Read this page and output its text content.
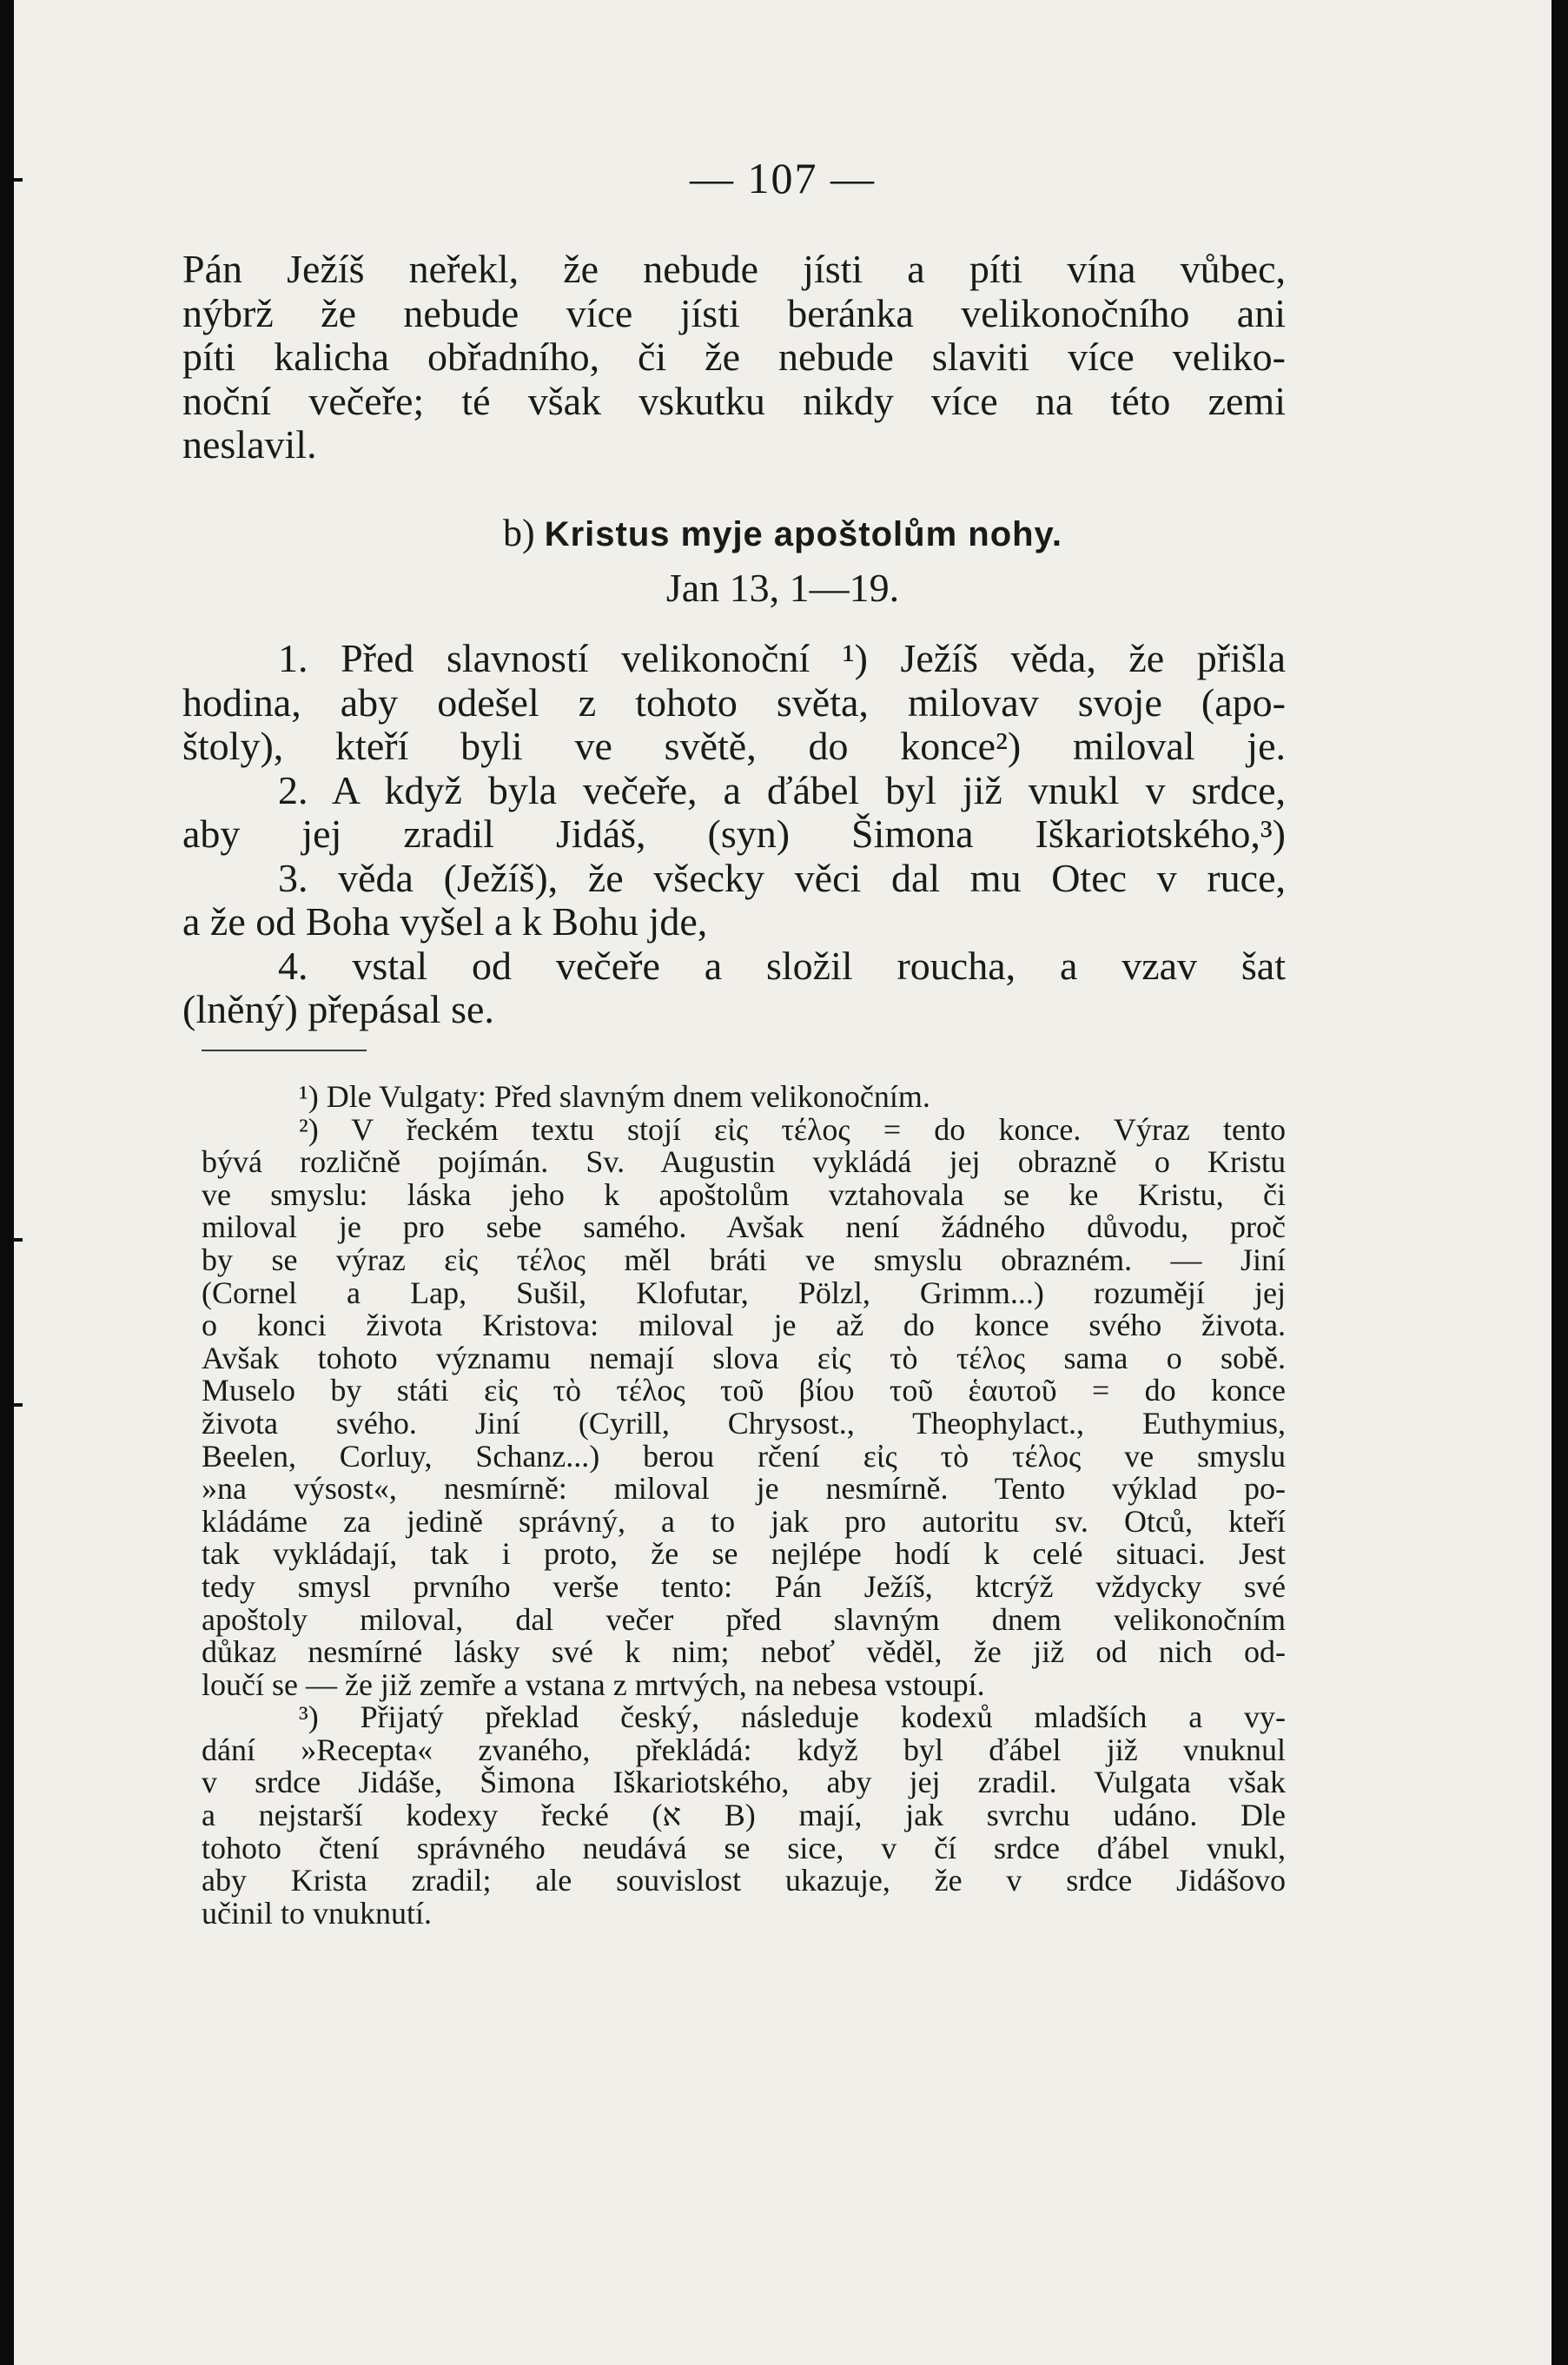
— 107 —
Pán Ježíš neřekl, že nebude jísti a píti vína vůbec,
nýbrž že nebude více jísti beránka velikonočního ani
píti kalicha obřadního, či že nebude slaviti více veliko-
noční večeře; té však vskutku nikdy více na této zemi
neslavil.
b) Kristus myje apoštolům nohy.
Jan 13, 1—19.
1. Před slavností velikonoční ¹) Ježíš věda, že přišla
hodina, aby odešel z tohoto světa, milovav svoje (apo-
štoly), kteří byli ve světě, do konce²) miloval je.
2. A když byla večeře, a ďábel byl již vnukl v srdce,
aby jej zradil Jidáš, (syn) Šimona Iškariotského,³)
3. věda (Ježíš), že všecky věci dal mu Otec v ruce,
a že od Boha vyšel a k Bohu jde,
4. vstal od večeře a složil roucha, a vzav šat
(lněný) přepásal se.
¹) Dle Vulgaty: Před slavným dnem velikonočním.
²) V řeckém textu stojí εἰς τέλος = do konce. Výraz tento
bývá rozličně pojímán. Sv. Augustin vykládá jej obrazně o Kristu
ve smyslu: láska jeho k apoštolům vztahovala se ke Kristu, či
miloval je pro sebe samého. Avšak není žádného důvodu, proč
by se výraz εἰς τέλος měl bráti ve smyslu obrazném. — Jiní
(Cornel a Lap, Sušil, Klofutar, Pölzl, Grimm...) rozumějí jej
o konci života Kristova: miloval je až do konce svého života.
Avšak tohoto významu nemají slova εἰς τὸ τέλος sama o sobě.
Muselo by státi εἰς τὸ τέλος τοῦ βίου τοῦ ἑαυτοῦ = do konce
života svého. Jiní (Cyrill, Chrysost., Theophylact., Euthymius,
Beelen, Corluy, Schanz...) berou rčení εἰς τὸ τέλος ve smyslu
»na výsost«, nesmírně: miloval je nesmírně. Tento výklad po-
kládáme za jedině správný, a to jak pro autoritu sv. Otců, kteří
tak vykládají, tak i proto, že se nejlépe hodí k celé situaci. Jest
tedy smysl prvního verše tento: Pán Ježíš, ktcrýž vždycky své
apoštoly miloval, dal večer před slavným dnem velikonočním
důkaz nesmírné lásky své k nim; neboť věděl, že již od nich od-
loučí se — že již zemře a vstana z mrtvých, na nebesa vstoupí.
³) Přijatý překlad český, následuje kodexů mladších a vy-
dání »Recepta« zvaného, překládá: když byl ďábel již vnuknul
v srdce Jidáše, Šimona Iškariotského, aby jej zradil. Vulgata však
a nejstarší kodexy řecké (א B) mají, jak svrchu udáno. Dle
tohoto čtení správného neudává se sice, v čí srdce ďábel vnukl,
aby Krista zradil; ale souvislost ukazuje, že v srdce Jidášovo
učinil to vnuknutí.
